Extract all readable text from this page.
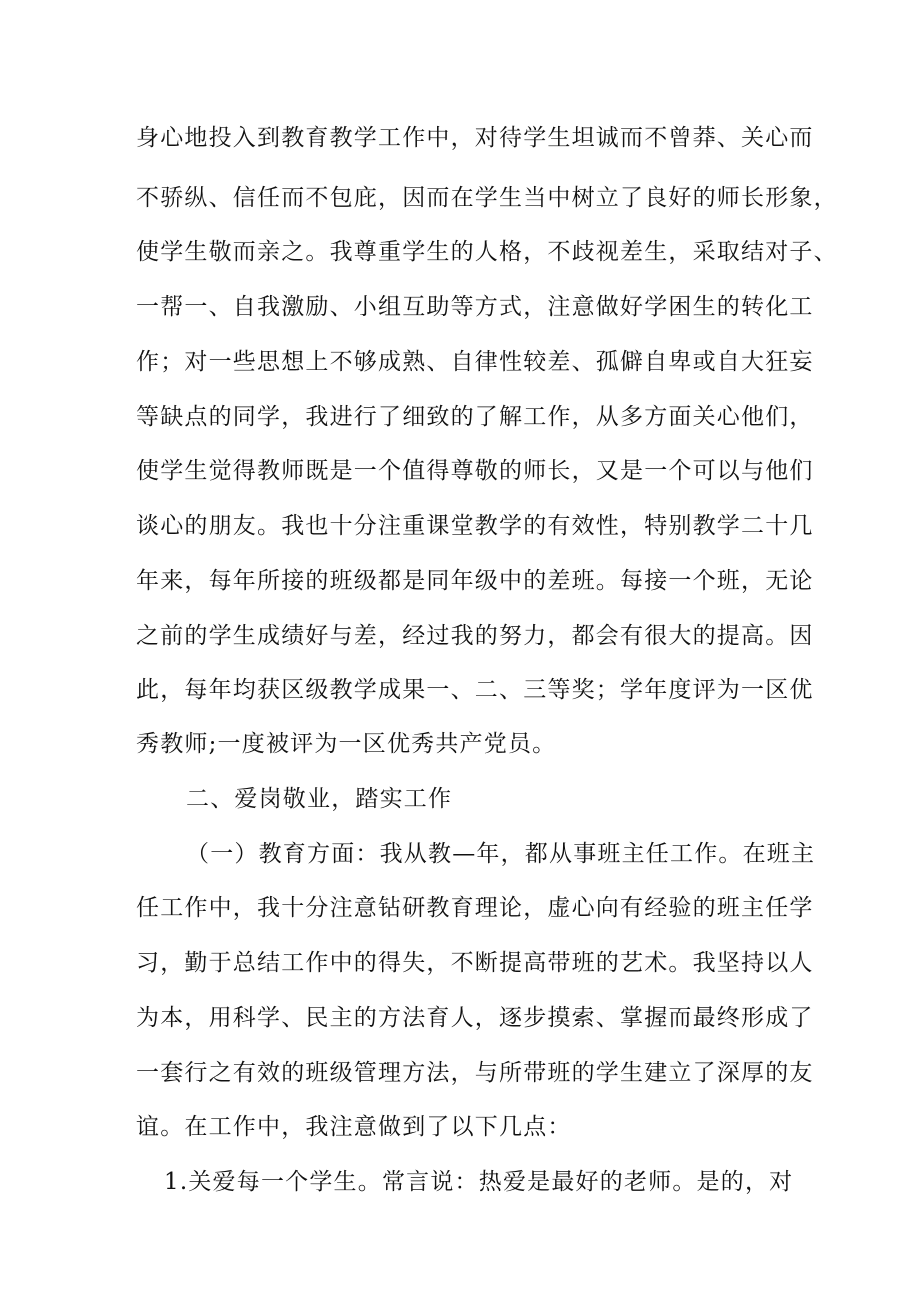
身心地投入到教育教学工作中，对待学生坦诚而不曾莽、关心而
不骄纵、信任而不包庇，因而在学生当中树立了良好的师长形象，
使学生敬而亲之。我尊重学生的人格，不歧视差生，采取结对子、
一帮一、自我激励、小组互助等方式，注意做好学困生的转化工
作；对一些思想上不够成熟、自律性较差、孤僻自卑或自大狂妄
等缺点的同学，我进行了细致的了解工作，从多方面关心他们，
使学生觉得教师既是一个值得尊敬的师长，又是一个可以与他们
谈心的朋友。我也十分注重课堂教学的有效性，特别教学二十几
年来，每年所接的班级都是同年级中的差班。每接一个班，无论
之前的学生成绩好与差，经过我的努力，都会有很大的提高。因
此，每年均获区级教学成果一、二、三等奖；学年度评为一区优
秀教师;一度被评为一区优秀共产党员。
二、爱岗敬业，踏实工作
（一）教育方面：我从教—年，都从事班主任工作。在班主
任工作中，我十分注意钻研教育理论，虚心向有经验的班主任学
习，勤于总结工作中的得失，不断提高带班的艺术。我坚持以人
为本，用科学、民主的方法育人，逐步摸索、掌握而最终形成了
一套行之有效的班级管理方法，与所带班的学生建立了深厚的友
谊。在工作中，我注意做到了以下几点：
1.关爱每一个学生。常言说：热爱是最好的老师。是的，对
